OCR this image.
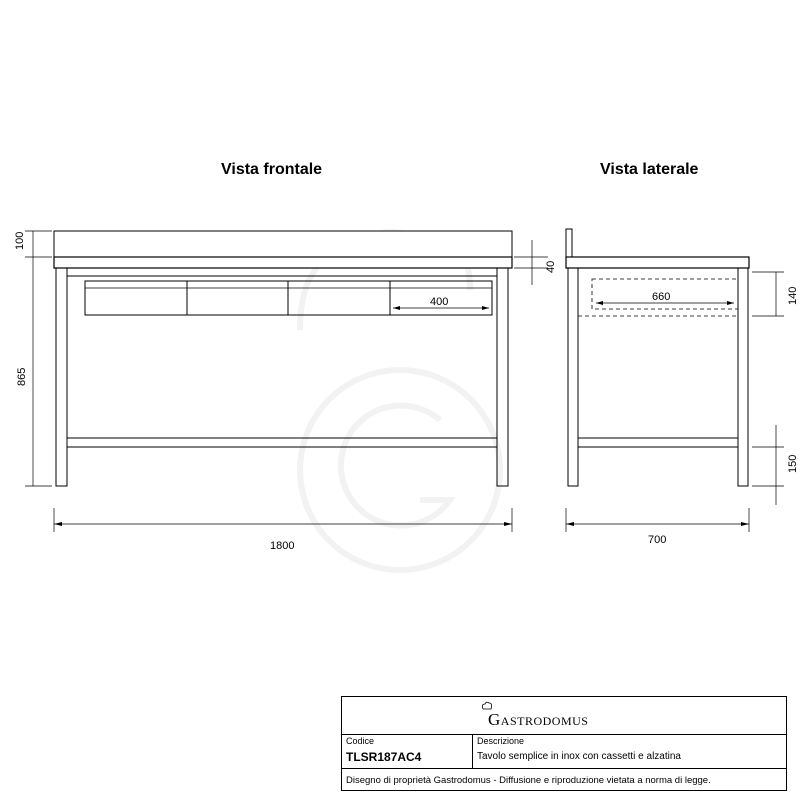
Vista frontale	Vista laterale
100
865
40
400
1800
660	140
150
700
Gastrodomus
Codice
TLSR187AC4
Descrizione
Tavolo semplice in inox con cassetti e alzatina
Disegno di proprietà Gastrodomus - Diffusione e riproduzione vietata a norma di legge.
